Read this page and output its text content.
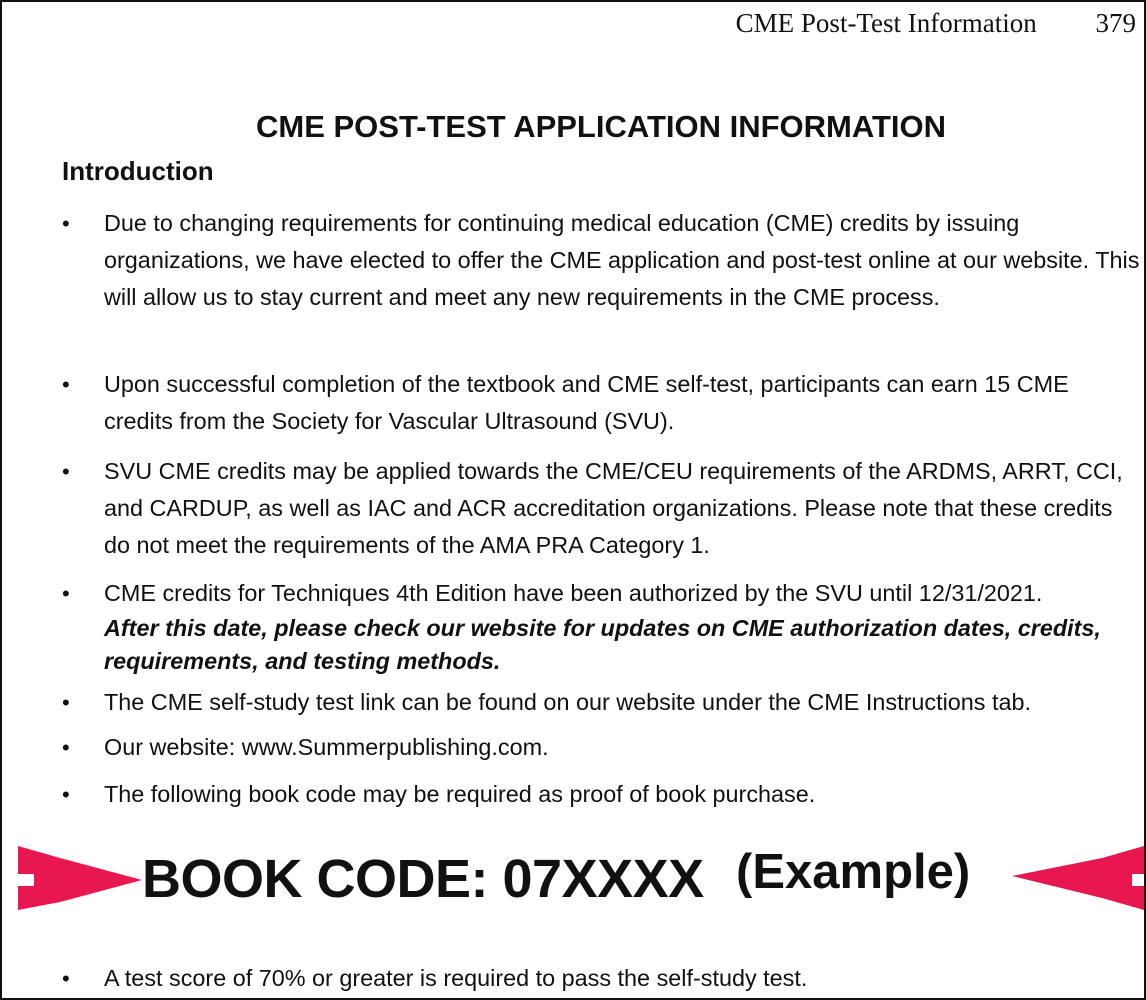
CME Post-Test Information 379
CME POST-TEST APPLICATION INFORMATION
Introduction
•	Due to changing requirements for continuing medical education (CME) credits by issuing organizations, we have elected to offer the CME application and post-test online at our website. This will allow us to stay current and meet any new requirements in the CME process.
•	Upon successful completion of the textbook and CME self-test, participants can earn 15 CME credits from the Society for Vascular Ultrasound (SVU).
•	SVU CME credits may be applied towards the CME/CEU requirements of the ARDMS, ARRT, CCI, and CARDUP, as well as IAC and ACR accreditation organizations. Please note that these credits do not meet the requirements of the AMA PRA Category 1.
•	CME credits for Techniques 4th Edition have been authorized by the SVU until 12/31/2021.
After this date, please check our website for updates on CME authorization dates, credits, requirements, and testing methods.
•	The CME self-study test link can be found on our website under the CME Instructions tab.
•	Our website: www.Summerpublishing.com.
•	The following book code may be required as proof of book purchase.
BOOK CODE: 07XXXX (Example)
•	A test score of 70% or greater is required to pass the self-study test.
